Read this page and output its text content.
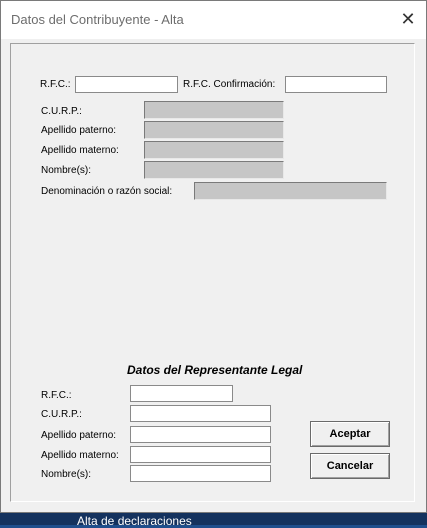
Alta de declaraciones
Datos del Contribuyente - Alta	✕
R.F.C.:	R.F.C. Confirmación:
C.U.R.P.:
Apellido paterno:
Apellido materno:
Nombre(s):
Denominación o razón social:
Datos del Representante Legal
R.F.C.:
C.U.R.P.:
Apellido paterno:
Apellido materno:
Nombre(s):
Aceptar
Cancelar
